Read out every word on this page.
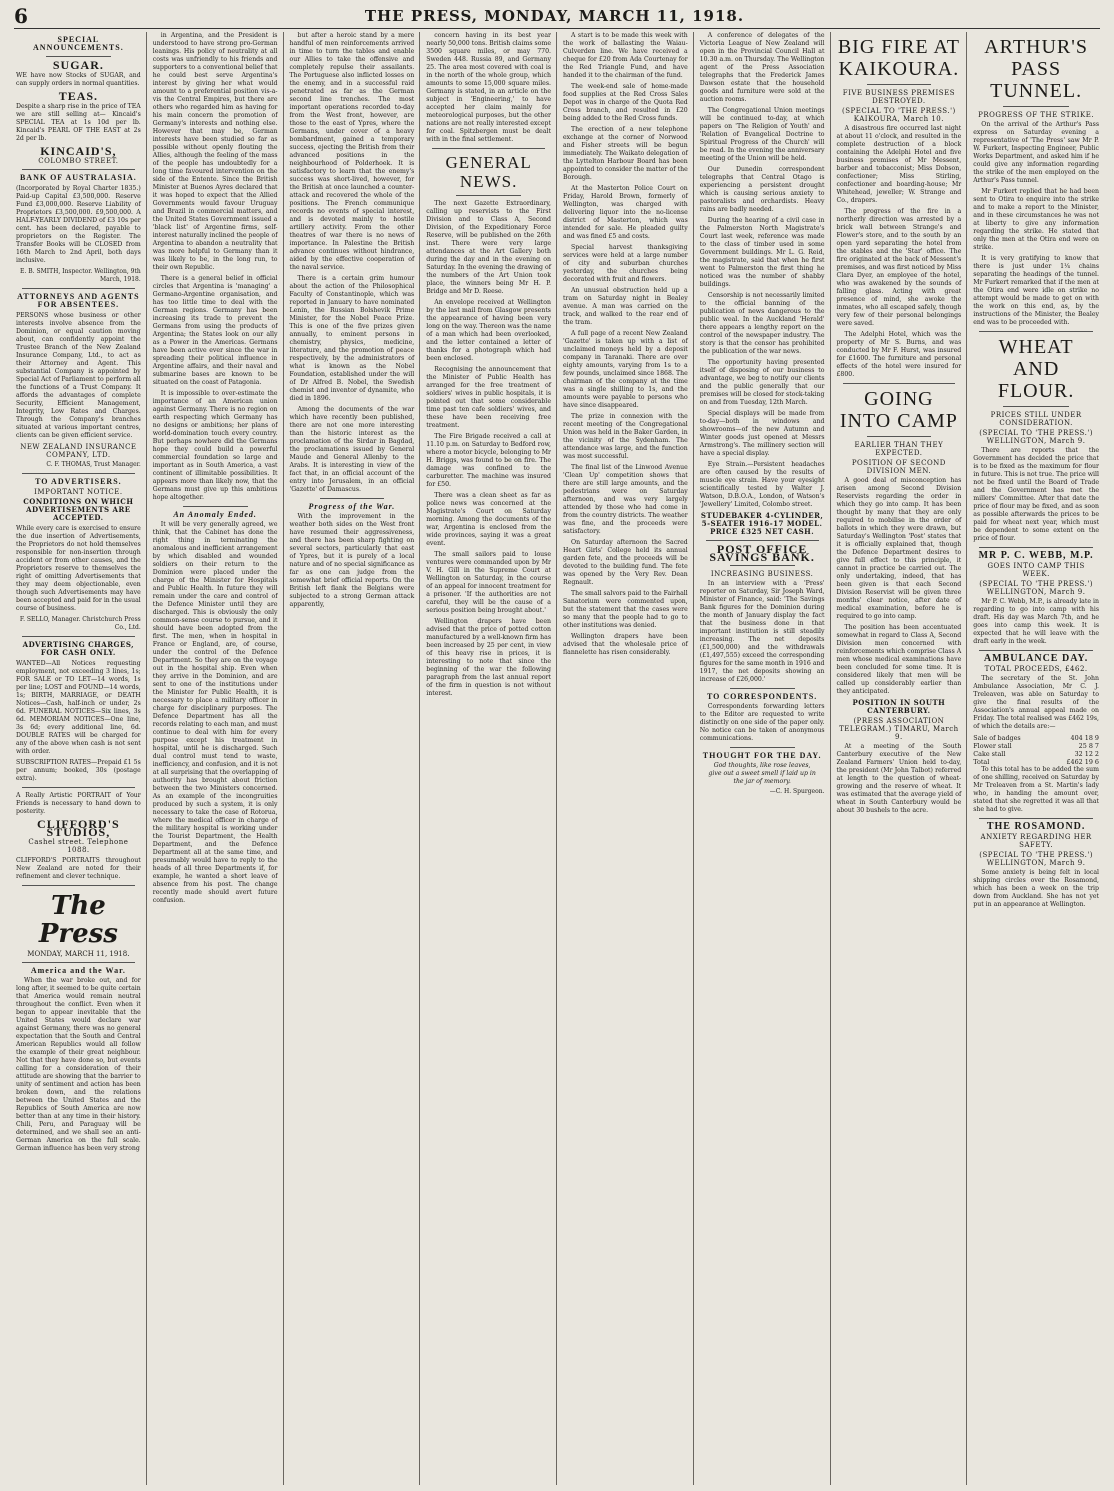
6	THE PRESS, MONDAY, MARCH 11, 1918.
SPECIAL ANNOUNCEMENTS.
SUGAR.
WE have now Stocks of SUGAR, and can supply orders in normal quantities.
TEAS.
Despite a sharp rise in the price of TEA we are still selling at— Kincaid's SPECIAL TEA at 1s 10d per lb. Kincaid's PEARL OF THE EAST at 2s 2d per lb.
KINCAID'S,
COLOMBO STREET.
BANK OF AUSTRALASIA.
(Incorporated by Royal Charter 1835.) Paid-up Capital £3,500,000. Reserve Fund £3,000,000. Reserve Liability of Proprietors £3,500,000. £9,500,000. A HALF-YEARLY DIVIDEND of £3 10s per cent. has been declared, payable to proprietors on the Register. The Transfer Books will be CLOSED from 16th March to 2nd April, both days inclusive.
E. B. SMITH, Inspector. Wellington, 9th March, 1918.
ATTORNEYS AND AGENTS FOR ABSENTEES.
PERSONS whose business or other interests involve absence from the Dominion, or equal caution moving about, can confidently appoint the Trustee Branch of the New Zealand Insurance Company, Ltd., to act as their Attorney and Agent. This substantial Company is appointed by Special Act of Parliament to perform all the functions of a Trust Company. It affords the advantages of complete Security, Efficient Management, Integrity, Low Rates and Charges. Through the Company's branches situated at various important centres, clients can be given efficient service.
NEW ZEALAND INSURANCE COMPANY, LTD.
C. F. THOMAS, Trust Manager.
TO ADVERTISERS.
IMPORTANT NOTICE.
CONDITIONS ON WHICH ADVERTISEMENTS ARE ACCEPTED.
While every care is exercised to ensure the due insertion of Advertisements, the Proprietors do not hold themselves responsible for non-insertion through accident or from other causes, and the Proprietors reserve to themselves the right of omitting Advertisements that they may deem objectionable, even though such Advertisements may have been accepted and paid for in the usual course of business.
F. SELLO, Manager. Christchurch Press Co., Ltd.
ADVERTISING CHARGES, FOR CASH ONLY.
WANTED—All Notices requesting employment, not exceeding 3 lines, 1s; FOR SALE or TO LET—14 words, 1s per line; LOST and FOUND—14 words, 1s; BIRTH, MARRIAGE, or DEATH Notices—Cash, half-inch or under, 2s 6d. FUNERAL NOTICES—Six lines, 3s 6d. MEMORIAM NOTICES—One line, 3s 6d; every additional line, 6d. DOUBLE RATES will be charged for any of the above when cash is not sent with order.
SUBSCRIPTION RATES—Prepaid £1 5s per annum; booked, 30s (postage extra).
A Really Artistic PORTRAIT of Your Friends is necessary to hand down to posterity.
CLIFFORD'S STUDIOS,
Cashel street. Telephone 1088.
CLIFFORD'S PORTRAITS throughout New Zealand are noted for their refinement and clever technique.
The Press
MONDAY, MARCH 11, 1918.
America and the War.
When the war broke out, and for long after, it seemed to be quite certain that America would remain neutral throughout the conflict. Even when it began to appear inevitable that the United States would declare war against Germany, there was no general expectation that the South and Central American Republics would all follow the example of their great neighbour. Not that they have done so, but events calling for a consideration of their attitude are showing that the barrier to unity of sentiment and action has been broken down, and the relations between the United States and the Republics of South America are now better than at any time in their history. Chili, Peru, and Paraguay will be determined, and we shall see an anti-German America on the full scale. German influence has been very strong
in Argentina, and the President is understood to have strong pro-German leanings. His policy of neutrality at all costs was unfriendly to his friends and supporters to a conventional belief that he could best serve Argentina's interest by giving her what would amount to a preferential position vis-a-vis the Central Empires, but there are others who regarded him as having for his main concern the promotion of Germany's interests and nothing else. However that may be, German interests have been studied so far as possible without openly flouting the Allies, although the feeling of the mass of the people has undoubtedly for a long time favoured intervention on the side of the Entente. Since the British Minister at Buenos Ayres declared that it was hoped to expect that the Allied Governments would favour Uruguay and Brazil in commercial matters, and the United States Government issued a 'black list' of Argentine firms, self-interest naturally inclined the people of Argentina to abandon a neutrality that was more helpful to Germany than it was likely to be, in the long run, to their own Republic.
There is a general belief in official circles that Argentina is 'managing' a Germano-Argentine organisation, and has too little time to deal with the German regions. Germany has been increasing its trade to prevent the Germans from using the products of Argentina; the States look on our ally as a Power in the Americas. Germans have been active ever since the war in spreading their political influence in Argentine affairs, and their naval and submarine bases are known to be situated on the coast of Patagonia.
It is impossible to over-estimate the importance of an American union against Germany. There is no region on earth respecting which Germany has no designs or ambitions; her plans of world-domination touch every country. But perhaps nowhere did the Germans hope they could build a powerful commercial foundation so large and important as in South America, a vast continent of illimitable possibilities. It appears more than likely now, that the Germans must give up this ambitious hope altogether.
An Anomaly Ended.
It will be very generally agreed, we think, that the Cabinet has done the right thing in terminating the anomalous and inefficient arrangement by which disabled and wounded soldiers on their return to the Dominion were placed under the charge of the Minister for Hospitals and Public Health. In future they will remain under the care and control of the Defence Minister until they are discharged. This is obviously the only common-sense course to pursue, and it should have been adopted from the first. The men, when in hospital in France or England, are, of course, under the control of the Defence Department. So they are on the voyage out in the hospital ship. Even when they arrive in the Dominion, and are sent to one of the institutions under the Minister for Public Health, it is necessary to place a military officer in charge for disciplinary purposes. The Defence Department has all the records relating to each man, and must continue to deal with him for every purpose except his treatment in hospital, until he is discharged. Such dual control must tend to waste, inefficiency, and confusion, and it is not at all surprising that the overlapping of authority has brought about friction between the two Ministers concerned. As an example of the incongruities produced by such a system, it is only necessary to take the case of Rotorua, where the medical officer in charge of the military hospital is working under the Tourist Department, the Health Department, and the Defence Department all at the same time, and presumably would have to reply to the heads of all three Departments if, for example, he wanted a short leave of absence from his post. The change recently made should avert future confusion.
but after a heroic stand by a mere handful of men reinforcements arrived in time to turn the tables and enable our Allies to take the offensive and completely repulse their assailants. The Portuguese also inflicted losses on the enemy, and in a successful raid penetrated as far as the German second line trenches. The most important operations recorded to-day from the West front, however, are those to the east of Ypres, where the Germans, under cover of a heavy bombardment, gained a temporary success, ejecting the British from their advanced positions in the neighbourhood of Polderhoek. It is satisfactory to learn that the enemy's success was short-lived, however, for the British at once launched a counter-attack and recovered the whole of the positions. The French communique records no events of special interest, and is devoted mainly to hostile artillery activity. From the other theatres of war there is no news of importance. In Palestine the British advance continues without hindrance, aided by the effective cooperation of the naval service.
There is a certain grim humour about the action of the Philosophical Faculty of Constantinople, which was reported in January to have nominated Lenin, the Russian Bolshevik Prime Minister, for the Nobel Peace Prize. This is one of the five prizes given annually, to eminent persons in chemistry, physics, medicine, literature, and the promotion of peace respectively, by the administrators of what is known as the Nobel Foundation, established under the will of Dr Alfred B. Nobel, the Swedish chemist and inventor of dynamite, who died in 1896.
Among the documents of the war which have recently been published, there are not one more interesting than the historic interest as the proclamation of the Sirdar in Bagdad, the proclamations issued by General Maude and General Allenby to the Arabs. It is interesting in view of the fact that, in an official account of the entry into Jerusalem, in an official 'Gazette' of Damascus.
Progress of the War.
With the improvement in the weather both sides on the West front have resumed their aggressiveness, and there has been sharp fighting on several sectors, particularly that east of Ypres, but it is purely of a local nature and of no special significance as far as one can judge from the somewhat brief official reports. On the British left flank the Belgians were subjected to a strong German attack apparently,
concern having in its best year nearly 50,000 tons. British claims some 3500 square miles, or may 770. Sweden 448. Russia 89, and Germany 25. The area most covered with coal is in the north of the whole group, which amounts to some 15,000 square miles. Germany is stated, in an article on the subject in 'Engineering,' to have accepted her claim mainly for meteorological purposes, but the other nations are not really interested except for coal. Spitzbergen must be dealt with in the final settlement.
GENERAL NEWS.
The next Gazette Extraordinary, calling up reservists to the First Division and to Class A, Second Division, of the Expeditionary Force Reserve, will be published on the 26th inst. There were very large attendances at the Art Gallery both during the day and in the evening on Saturday. In the evening the drawing of the numbers of the Art Union took place, the winners being Mr H. P. Bridge and Mr D. Reese.
An envelope received at Wellington by the last mail from Glasgow presents the appearance of having been very long on the way. Thereon was the name of a man which had been overlooked, and the letter contained a letter of thanks for a photograph which had been enclosed.
Recognising the announcement that the Minister of Public Health has arranged for the free treatment of soldiers' wives in public hospitals, it is pointed out that some considerable time past ten cafe soldiers' wives, and these have been receiving free treatment.
The Fire Brigade received a call at 11.10 p.m. on Saturday to Bedford row, where a motor bicycle, belonging to Mr H. Briggs, was found to be on fire. The damage was confined to the carburetter. The machine was insured for £50.
There was a clean sheet as far as police news was concerned at the Magistrate's Court on Saturday morning. Among the documents of the war, Argentina is enclosed from the wide provinces, saying it was a great event.
The small sailors paid to louse ventures were commanded upon by Mr V. H. Gill in the Supreme Court at Wellington on Saturday, in the course of an appeal for innocent treatment for a prisoner. 'If the authorities are not careful, they will be the cause of a serious position being brought about.'
Wellington drapers have been advised that the price of potted cotton manufactured by a well-known firm has been increased by 25 per cent, in view of this heavy rise in prices, it is interesting to note that since the beginning of the war the following paragraph from the last annual report of the firm in question is not without interest.
A start is to be made this week with the work of ballasting the Waiau-Culverden line. We have received a cheque for £20 from Ada Courtenay for the Red Triangle Fund, and have handed it to the chairman of the fund.
The week-end sale of home-made food supplies at the Red Cross Sales Depot was in charge of the Quota Red Cross branch, and resulted in £20 being added to the Red Cross funds.
The erection of a new telephone exchange at the corner of Norwood and Fisher streets will be begun immediately. The Waikato delegation of the Lyttelton Harbour Board has been appointed to consider the matter of the Borough.
At the Masterton Police Court on Friday, Harold Brown, formerly of Wellington, was charged with delivering liquor into the no-license district of Masterton, which was intended for sale. He pleaded guilty and was fined £5 and costs.
Special harvest thanksgiving services were held at a large number of city and suburban churches yesterday, the churches being decorated with fruit and flowers.
An unusual obstruction held up a tram on Saturday night in Bealey avenue. A man was carried on the track, and walked to the rear end of the tram.
A full page of a recent New Zealand 'Gazette' is taken up with a list of unclaimed moneys held by a deposit company in Taranaki. There are over eighty amounts, varying from 1s to a few pounds, unclaimed since 1868. The chairman of the company at the time was a single shilling to 1s, and the amounts were payable to persons who have since disappeared.
The prize in connexion with the recent meeting of the Congregational Union was held in the Baker Garden, in the vicinity of the Sydenham. The attendance was large, and the function was most successful.
The final list of the Linwood Avenue 'Clean Up' competition shows that there are still large amounts, and the pedestrians were on Saturday afternoon, and was very largely attended by those who had come in from the country districts. The weather was fine, and the proceeds were satisfactory.
On Saturday afternoon the Sacred Heart Girls' College held its annual garden fete, and the proceeds will be devoted to the building fund. The fete was opened by the Very Rev. Dean Regnault.
The small salvors paid to the Fairhall Sanatorium were commented upon, but the statement that the cases were so many that the people had to go to other institutions was denied.
Wellington drapers have been advised that the wholesale price of flannelette has risen considerably.
A conference of delegates of the Victoria League of New Zealand will open in the Provincial Council Hall at 10.30 a.m. on Thursday. The Wellington agent of the Press Association telegraphs that the Frederick James Dawson estate that the household goods and furniture were sold at the auction rooms.
The Congregational Union meetings will be continued to-day, at which papers on 'The Religion of Youth' and 'Relation of Evangelical Doctrine to Spiritual Progress of the Church' will be read. In the evening the anniversary meeting of the Union will be held.
Our Dunedin correspondent telegraphs that Central Otago is experiencing a persistent drought which is causing serious anxiety to pastoralists and orchardists. Heavy rains are badly needed.
During the hearing of a civil case in the Palmerston North Magistrate's Court last week, reference was made to the class of timber used in some Government buildings. Mr L. G. Reid, the magistrate, said that when he first went to Palmerston the first thing he noticed was the number of shabby buildings.
Censorship is not necessarily limited to the official banning of the publication of news dangerous to the public weal. In the Auckland 'Herald' there appears a lengthy report on the control of the newspaper industry. The story is that the censor has prohibited the publication of the war news.
The opportunity having presented itself of disposing of our business to advantage, we beg to notify our clients and the public generally that our premises will be closed for stock-taking on and from Tuesday, 12th March.
Special displays will be made from to-day—both in windows and showrooms—of the new Autumn and Winter goods just opened at Messrs Armstrong's. The millinery section will have a special display.
Eye Strain.—Persistent headaches are often caused by the results of muscle eye strain. Have your eyesight scientifically tested by Walter J. Watson, D.B.O.A., London, of Watson's 'Jewellery' Limited, Colombo street.
STUDEBAKER 4-CYLINDER, 5-SEATER 1916-17 MODEL. PRICE £325 NET CASH.
POST OFFICE SAVINGS BANK.
INCREASING BUSINESS.
In an interview with a 'Press' reporter on Saturday, Sir Joseph Ward, Minister of Finance, said: 'The Savings Bank figures for the Dominion during the month of January display the fact that the business done in that important institution is still steadily increasing. The net deposits (£1,500,000) and the withdrawals (£1,497,555) exceed the corresponding figures for the same month in 1916 and 1917, the net deposits showing an increase of £26,000.'
TO CORRESPONDENTS.
Correspondents forwarding letters to the Editor are requested to write distinctly on one side of the paper only. No notice can be taken of anonymous communications.
THOUGHT FOR THE DAY.
God thoughts, like rose leaves, give out a sweet smell if laid up in the jar of memory.
—C. H. Spurgeon.
BIG FIRE AT KAIKOURA.
FIVE BUSINESS PREMISES DESTROYED.
(SPECIAL TO 'THE PRESS.') KAIKOURA, March 10.
A disastrous fire occurred last night at about 11 o'clock, and resulted in the complete destruction of a block containing the Adelphi Hotel and five business premises of Mr Messent, barber and tobacconist; Miss Dobson, confectioner; Miss Stirling, confectioner and boarding-house; Mr Whitehead, jeweller; W. Strange and Co., drapers.
The progress of the fire in a northerly direction was arrested by a brick wall between Strange's and Flower's store, and to the south by an open yard separating the hotel from the stables and the 'Star' office. The fire originated at the back of Messent's premises, and was first noticed by Miss Clara Dyer, an employee of the hotel, who was awakened by the sounds of falling glass. Acting with great presence of mind, she awoke the inmates, who all escaped safely, though very few of their personal belongings were saved.
The Adelphi Hotel, which was the property of Mr S. Burns, and was conducted by Mr F. Hurst, was insured for £1600. The furniture and personal effects of the hotel were insured for £800.
GOING INTO CAMP
EARLIER THAN THEY EXPECTED.
POSITION OF SECOND DIVISION MEN.
A good deal of misconception has arisen among Second Division Reservists regarding the order in which they go into camp. It has been thought by many that they are only required to mobilise in the order of ballots in which they were drawn, but Saturday's Wellington 'Post' states that it is officially explained that, though the Defence Department desires to give full effect to this principle, it cannot in practice be carried out. The only undertaking, indeed, that has been given is that each Second Division Reservist will be given three months' clear notice, after date of medical examination, before he is required to go into camp.
The position has been accentuated somewhat in regard to Class A, Second Division men concerned with reinforcements which comprise Class A men whose medical examinations have been concluded for some time. It is considered likely that men will be called up considerably earlier than they anticipated.
POSITION IN SOUTH CANTERBURY.
(PRESS ASSOCIATION TELEGRAM.) TIMARU, March 9.
At a meeting of the South Canterbury executive of the New Zealand Farmers' Union held to-day, the president (Mr John Talbot) referred at length to the question of wheat-growing and the reserve of wheat. It was estimated that the average yield of wheat in South Canterbury would be about 30 bushels to the acre.
ARTHUR'S PASS TUNNEL.
PROGRESS OF THE STRIKE.
On the arrival of the Arthur's Pass express on Saturday evening a representative of 'The Press' saw Mr P. W. Furkert, Inspecting Engineer, Public Works Department, and asked him if he could give any information regarding the strike of the men employed on the Arthur's Pass tunnel.
Mr Furkert replied that he had been sent to Otira to enquire into the strike and to make a report to the Minister, and in these circumstances he was not at liberty to give any information regarding the strike. He stated that only the men at the Otira end were on strike.
It is very gratifying to know that there is just under 1¼ chains separating the headings of the tunnel. Mr Furkert remarked that if the men at the Otira end were idle on strike no attempt would be made to get on with the work on this end, as, by the instructions of the Minister, the Bealey end was to be proceeded with.
WHEAT AND FLOUR.
PRICES STILL UNDER CONSIDERATION.
(SPECIAL TO 'THE PRESS.') WELLINGTON, March 9.
There are reports that the Government has decided the price that is to be fixed as the maximum for flour in future. This is not true. The price will not be fixed until the Board of Trade and the Government has met the millers' Committee. After that date the price of flour may be fixed, and as soon as possible afterwards the prices to be paid for wheat next year, which must be dependent to some extent on the price of flour.
MR P. C. WEBB, M.P.
GOES INTO CAMP THIS WEEK.
(SPECIAL TO 'THE PRESS.') WELLINGTON, March 9.
Mr P. C. Webb, M.P., is already late in regarding to go into camp with his draft. His day was March 7th, and he goes into camp this week. It is expected that he will leave with the draft early in the week.
AMBULANCE DAY.
TOTAL PROCEEDS, £462.
The secretary of the St. John Ambulance Association, Mr C. J. Treleaven, was able on Saturday to give the final results of the Association's annual appeal made on Friday. The total realised was £462 19s, of which the details are:—
Sale of badges	404 18 9
Flower stall	25 8 7
Cake stall	32 12 2
Total	£462 19 6
To this total has to be added the sum of one shilling, received on Saturday by Mr Treleaven from a St. Martin's lady who, in handing the amount over, stated that she regretted it was all that she had to give.
THE ROSAMOND.
ANXIETY REGARDING HER SAFETY.
(SPECIAL TO 'THE PRESS.') WELLINGTON, March 9.
Some anxiety is being felt in local shipping circles over the Rosamond, which has been a week on the trip down from Auckland. She has not yet put in an appearance at Wellington.
